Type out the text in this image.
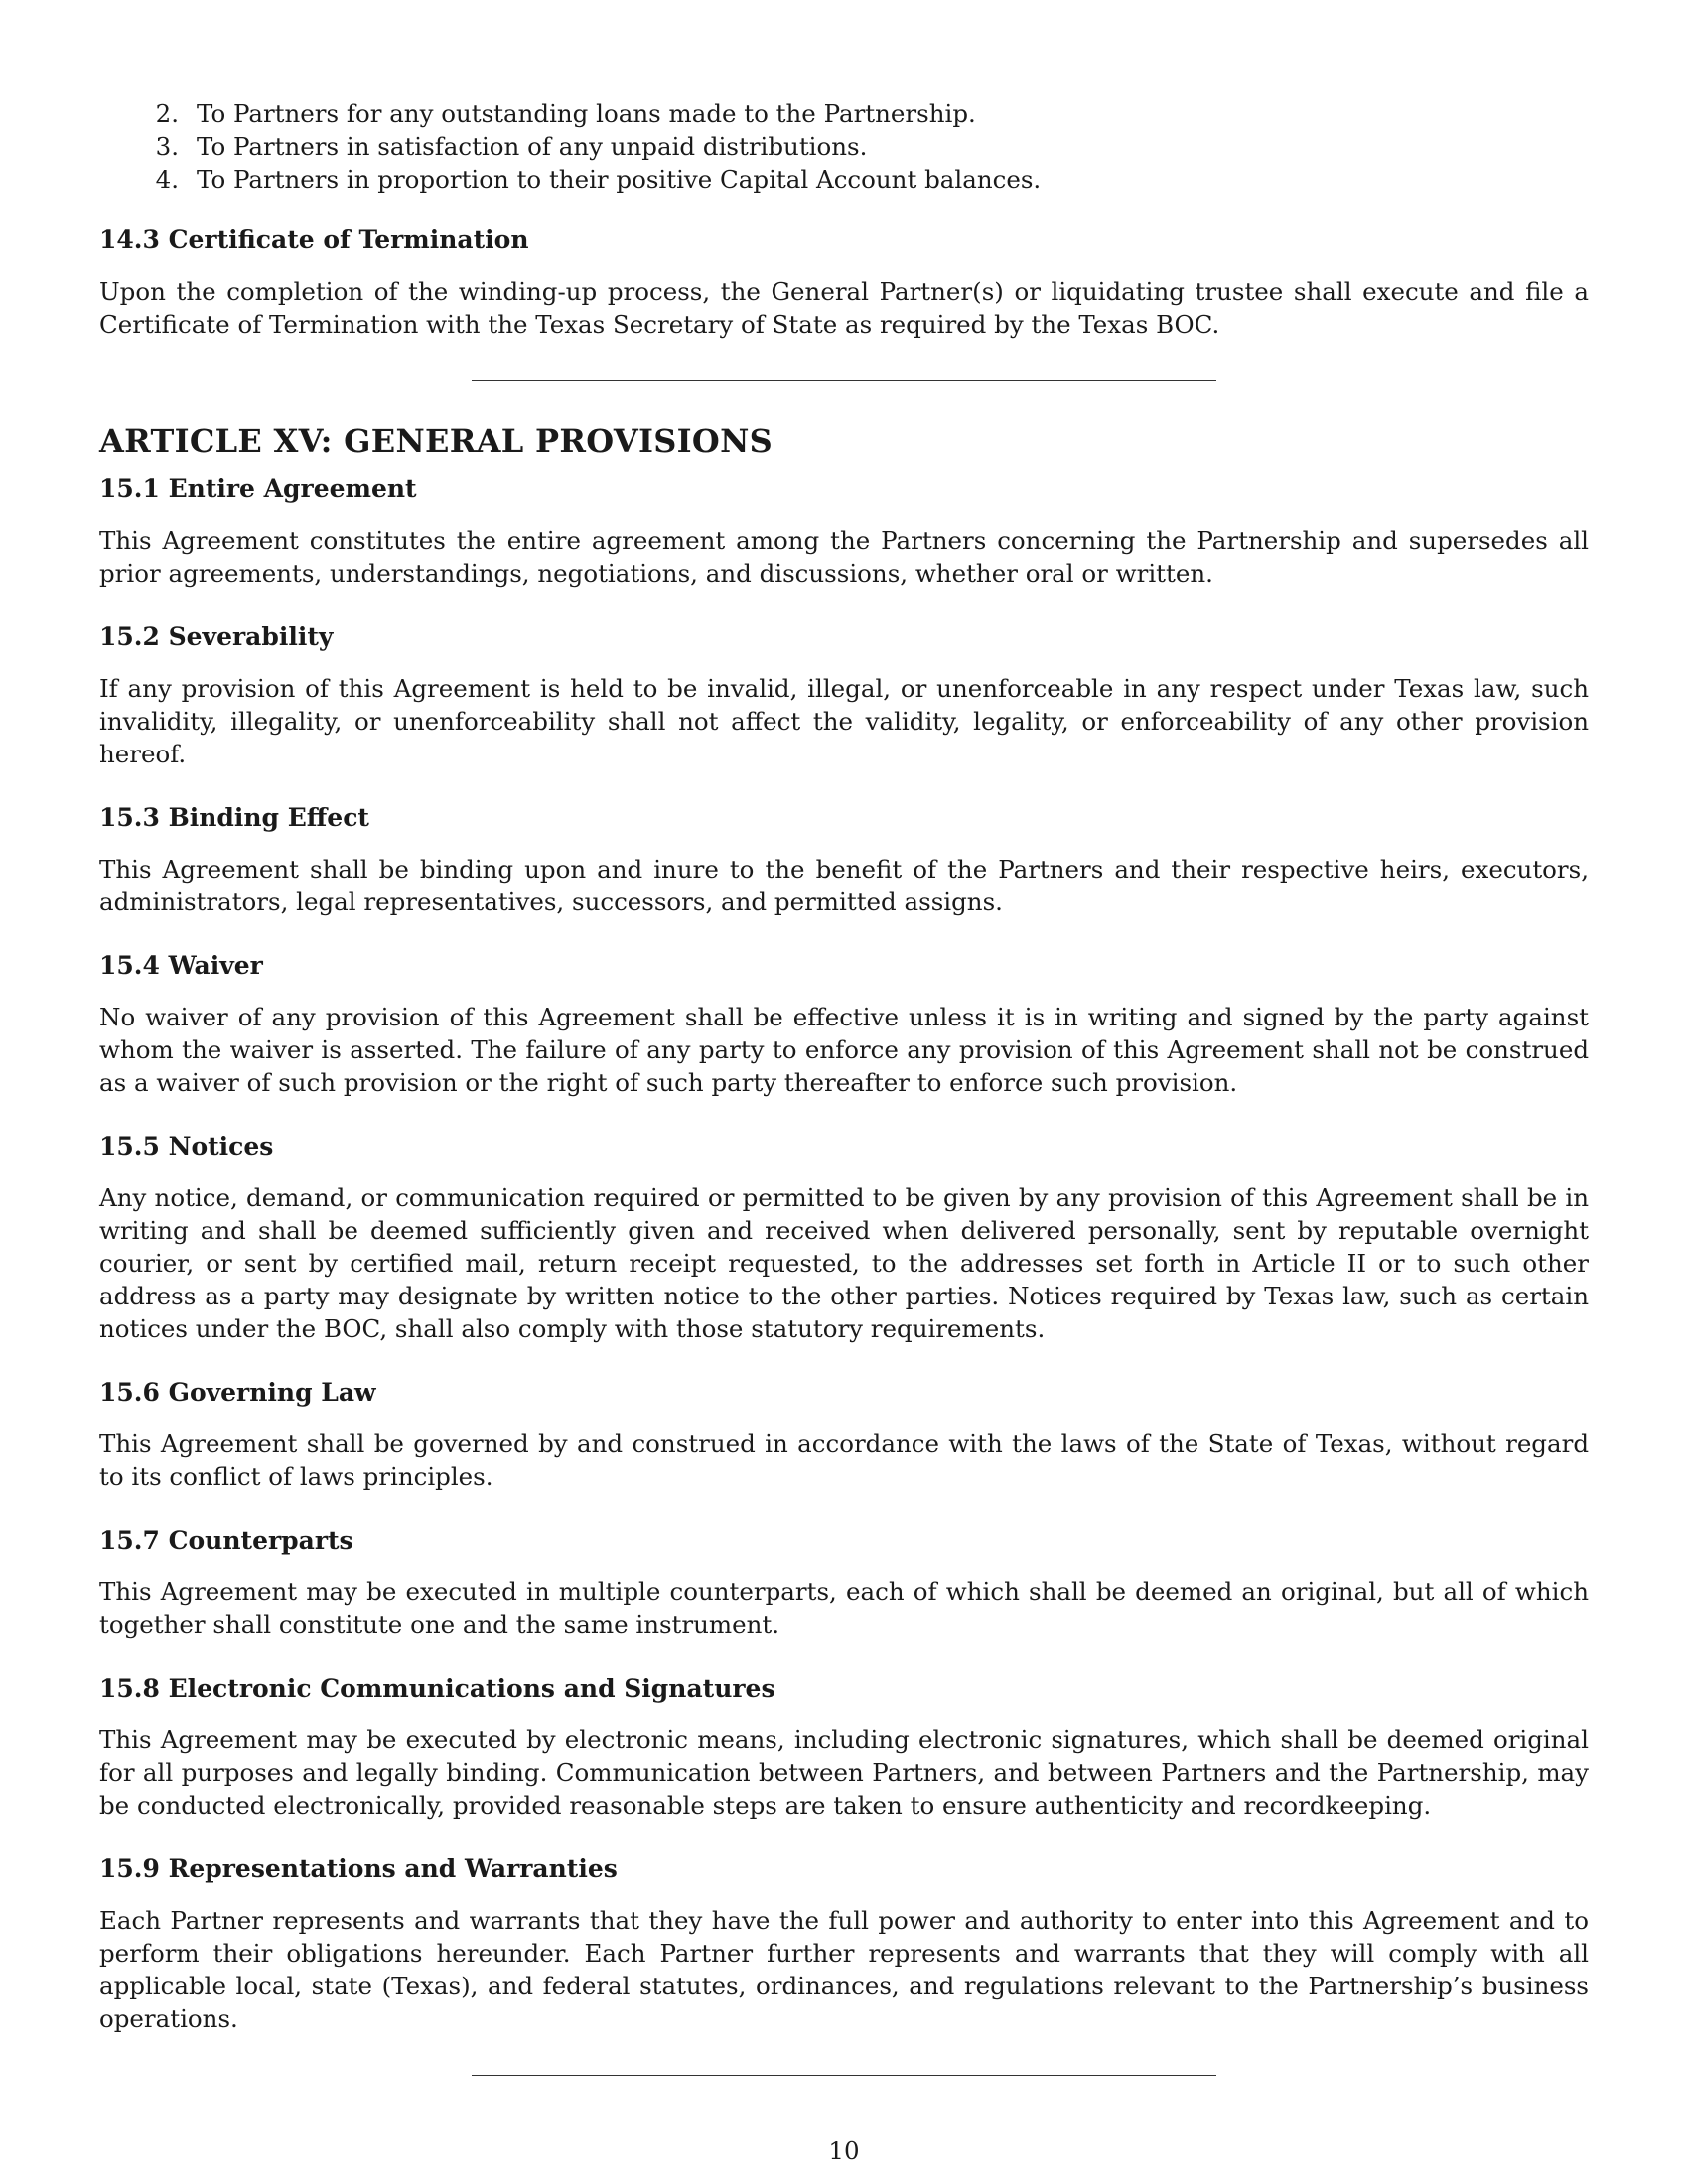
2. To Partners for any outstanding loans made to the Partnership.
3. To Partners in satisfaction of any unpaid distributions.
4. To Partners in proportion to their positive Capital Account balances.
14.3 Certificate of Termination

Upon the completion of the winding-up process, the General Partner(s) or liquidating trustee shall execute and file a Certificate of Termination with the Texas Secretary of State as required by the Texas BOC.

ARTICLE XV: GENERAL PROVISIONS
15.1 Entire Agreement

This Agreement constitutes the entire agreement among the Partners concerning the Partnership and supersedes all prior agreements, understandings, negotiations, and discussions, whether oral or written.

15.2 Severability

If any provision of this Agreement is held to be invalid, illegal, or unenforceable in any respect under Texas law, such invalidity, illegality, or unenforceability shall not affect the validity, legality, or enforceability of any other provision hereof.

15.3 Binding Effect

This Agreement shall be binding upon and inure to the benefit of the Partners and their respective heirs, executors, administrators, legal representatives, successors, and permitted assigns.

15.4 Waiver

No waiver of any provision of this Agreement shall be effective unless it is in writing and signed by the party against whom the waiver is asserted. The failure of any party to enforce any provision of this Agreement shall not be construed as a waiver of such provision or the right of such party thereafter to enforce such provision.

15.5 Notices

Any notice, demand, or communication required or permitted to be given by any provision of this Agreement shall be in writing and shall be deemed sufficiently given and received when delivered personally, sent by reputable overnight courier, or sent by certified mail, return receipt requested, to the addresses set forth in Article II or to such other address as a party may designate by written notice to the other parties. Notices required by Texas law, such as certain notices under the BOC, shall also comply with those statutory requirements.

15.6 Governing Law

This Agreement shall be governed by and construed in accordance with the laws of the State of Texas, without regard to its conflict of laws principles.

15.7 Counterparts

This Agreement may be executed in multiple counterparts, each of which shall be deemed an original, but all of which together shall constitute one and the same instrument.

15.8 Electronic Communications and Signatures

This Agreement may be executed by electronic means, including electronic signatures, which shall be deemed original for all purposes and legally binding. Communication between Partners, and between Partners and the Partnership, may be conducted electronically, provided reasonable steps are taken to ensure authenticity and recordkeeping.

15.9 Representations and Warranties

Each Partner represents and warrants that they have the full power and authority to enter into this Agreement and to perform their obligations hereunder. Each Partner further represents and warrants that they will comply with all applicable local, state (Texas), and federal statutes, ordinances, and regulations relevant to the Partnership’s business operations.

10
